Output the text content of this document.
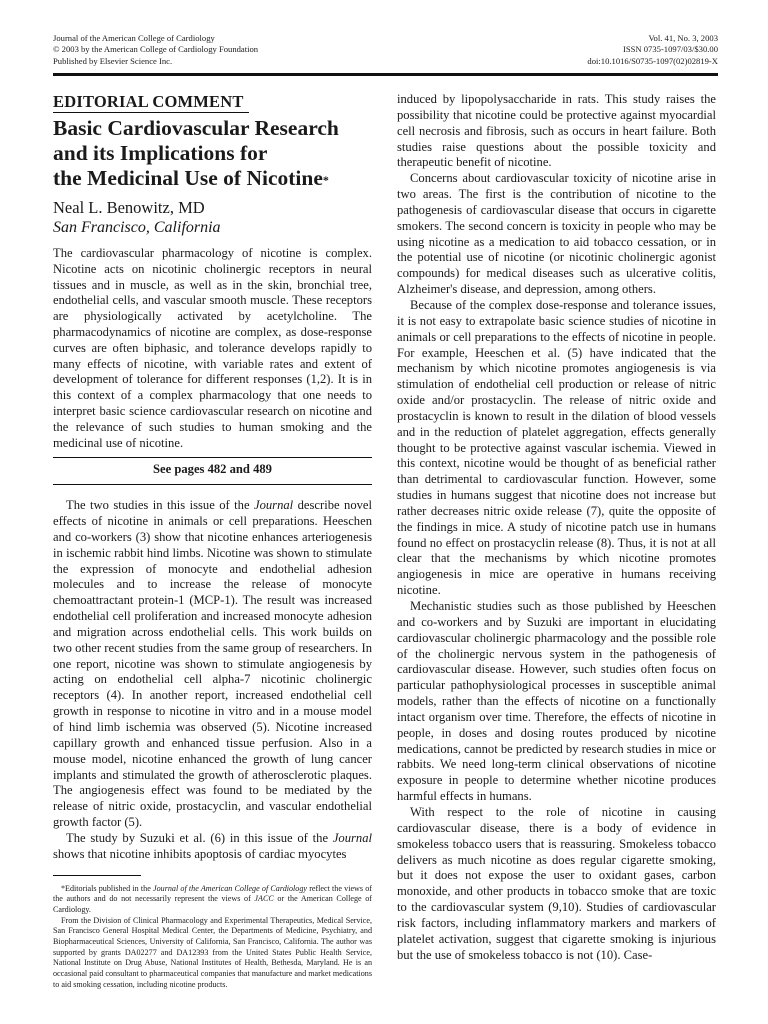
Journal of the American College of Cardiology
© 2003 by the American College of Cardiology Foundation
Published by Elsevier Science Inc.
Vol. 41, No. 3, 2003
ISSN 0735-1097/03/$30.00
doi:10.1016/S0735-1097(02)02819-X
EDITORIAL COMMENT
Basic Cardiovascular Research
and its Implications for
the Medicinal Use of Nicotine*
Neal L. Benowitz, MD
San Francisco, California

The cardiovascular pharmacology of nicotine is complex. Nicotine acts on nicotinic cholinergic receptors in neural tissues and in muscle, as well as in the skin, bronchial tree, endothelial cells, and vascular smooth muscle. These receptors are physiologically activated by acetylcholine. The pharmacodynamics of nicotine are complex, as dose-response curves are often biphasic, and tolerance develops rapidly to many effects of nicotine, with variable rates and extent of development of tolerance for different responses (1,2). It is in this context of a complex pharmacology that one needs to interpret basic science cardiovascular research on nicotine and the relevance of such studies to human smoking and the medicinal use of nicotine.

See pages 482 and 489

The two studies in this issue of the Journal describe novel effects of nicotine in animals or cell preparations. Heeschen and co-workers (3) show that nicotine enhances arteriogenesis in ischemic rabbit hind limbs. Nicotine was shown to stimulate the expression of monocyte and endothelial adhesion molecules and to increase the release of monocyte chemoattractant protein-1 (MCP-1). The result was increased endothelial cell proliferation and increased monocyte adhesion and migration across endothelial cells. This work builds on two other recent studies from the same group of researchers. In one report, nicotine was shown to stimulate angiogenesis by acting on endothelial cell alpha-7 nicotinic cholinergic receptors (4). In another report, increased endothelial cell growth in response to nicotine in vitro and in a mouse model of hind limb ischemia was observed (5). Nicotine increased capillary growth and enhanced tissue perfusion. Also in a mouse model, nicotine enhanced the growth of lung cancer implants and stimulated the growth of atherosclerotic plaques. The angiogenesis effect was found to be mediated by the release of nitric oxide, prostacyclin, and vascular endothelial growth factor (5).

The study by Suzuki et al. (6) in this issue of the Journal shows that nicotine inhibits apoptosis of cardiac myocytes

*Editorials published in the Journal of the American College of Cardiology reflect the views of the authors and do not necessarily represent the views of JACC or the American College of Cardiology.

From the Division of Clinical Pharmacology and Experimental Therapeutics, Medical Service, San Francisco General Hospital Medical Center, the Departments of Medicine, Psychiatry, and Biopharmaceutical Sciences, University of California, San Francisco, California. The author was supported by grants DA02277 and DA12393 from the United States Public Health Service, National Institute on Drug Abuse, National Institutes of Health, Bethesda, Maryland. He is an occasional paid consultant to pharmaceutical companies that manufacture and market medications to aid smoking cessation, including nicotine products.

induced by lipopolysaccharide in rats. This study raises the possibility that nicotine could be protective against myocardial cell necrosis and fibrosis, such as occurs in heart failure. Both studies raise questions about the possible toxicity and therapeutic benefit of nicotine.

Concerns about cardiovascular toxicity of nicotine arise in two areas. The first is the contribution of nicotine to the pathogenesis of cardiovascular disease that occurs in cigarette smokers. The second concern is toxicity in people who may be using nicotine as a medication to aid tobacco cessation, or in the potential use of nicotine (or nicotinic cholinergic agonist compounds) for medical diseases such as ulcerative colitis, Alzheimer's disease, and depression, among others.

Because of the complex dose-response and tolerance issues, it is not easy to extrapolate basic science studies of nicotine in animals or cell preparations to the effects of nicotine in people. For example, Heeschen et al. (5) have indicated that the mechanism by which nicotine promotes angiogenesis is via stimulation of endothelial cell production or release of nitric oxide and/or prostacyclin. The release of nitric oxide and prostacyclin is known to result in the dilation of blood vessels and in the reduction of platelet aggregation, effects generally thought to be protective against vascular ischemia. Viewed in this context, nicotine would be thought of as beneficial rather than detrimental to cardiovascular function. However, some studies in humans suggest that nicotine does not increase but rather decreases nitric oxide release (7), quite the opposite of the findings in mice. A study of nicotine patch use in humans found no effect on prostacyclin release (8). Thus, it is not at all clear that the mechanisms by which nicotine promotes angiogenesis in mice are operative in humans receiving nicotine.

Mechanistic studies such as those published by Heeschen and co-workers and by Suzuki are important in elucidating cardiovascular cholinergic pharmacology and the possible role of the cholinergic nervous system in the pathogenesis of cardiovascular disease. However, such studies often focus on particular pathophysiological processes in susceptible animal models, rather than the effects of nicotine on a functionally intact organism over time. Therefore, the effects of nicotine in people, in doses and dosing routes produced by nicotine medications, cannot be predicted by research studies in mice or rabbits. We need long-term clinical observations of nicotine exposure in people to determine whether nicotine produces harmful effects in humans.

With respect to the role of nicotine in causing cardiovascular disease, there is a body of evidence in smokeless tobacco users that is reassuring. Smokeless tobacco delivers as much nicotine as does regular cigarette smoking, but it does not expose the user to oxidant gases, carbon monoxide, and other products in tobacco smoke that are toxic to the cardiovascular system (9,10). Studies of cardiovascular risk factors, including inflammatory markers and markers of platelet activation, suggest that cigarette smoking is injurious but the use of smokeless tobacco is not (10). Case-
